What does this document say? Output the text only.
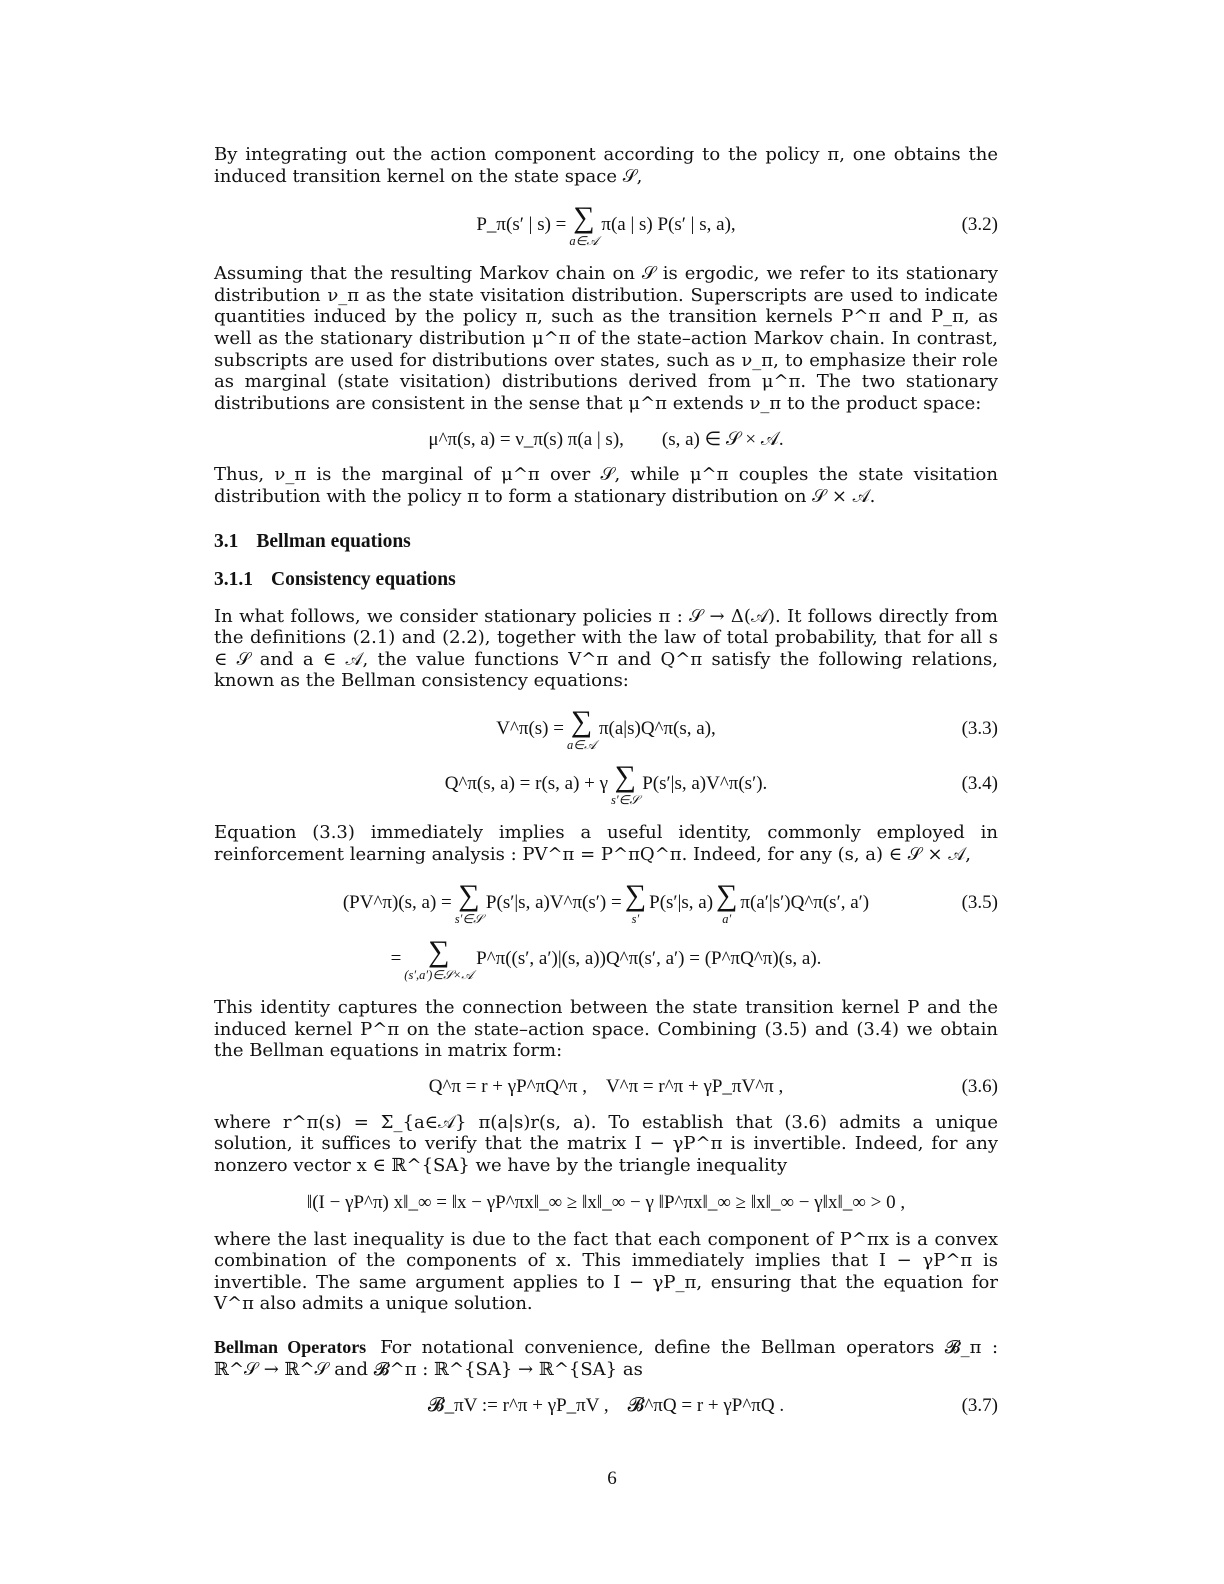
By integrating out the action component according to the policy π, one obtains the induced transition kernel on the state space 𝒮,

P_π(s′ | s) = ∑
a∈𝒜
π(a | s) P(s′ | s, a),	(3.2)

Assuming that the resulting Markov chain on 𝒮 is ergodic, we refer to its stationary distribution ν_π as the state visitation distribution. Superscripts are used to indicate quantities induced by the policy π, such as the transition kernels P^π and P_π, as well as the stationary distribution μ^π of the state–action Markov chain. In contrast, subscripts are used for distributions over states, such as ν_π, to emphasize their role as marginal (state visitation) distributions derived from μ^π. The two stationary distributions are consistent in the sense that μ^π extends ν_π to the product space:

μ^π(s, a) = ν_π(s) π(a | s),        (s, a) ∈ 𝒮 × 𝒜.

Thus, ν_π is the marginal of μ^π over 𝒮, while μ^π couples the state visitation distribution with the policy π to form a stationary distribution on 𝒮 × 𝒜.

3.1 Bellman equations
3.1.1 Consistency equations

In what follows, we consider stationary policies π : 𝒮 → Δ(𝒜). It follows directly from the definitions (2.1) and (2.2), together with the law of total probability, that for all s ∈ 𝒮 and a ∈ 𝒜, the value functions V^π and Q^π satisfy the following relations, known as the Bellman consistency equations:

V^π(s) = ∑
a∈𝒜
π(a|s)Q^π(s, a),	(3.3)
Q^π(s, a) =
r(s, a) + γ ∑
s′∈𝒮
P(s′|s, a)V^π(s′).	(3.4)

Equation (3.3) immediately implies a useful identity, commonly employed in reinforcement learning analysis : PV^π = P^πQ^π. Indeed, for any (s, a) ∈ 𝒮 × 𝒜,

(PV^π)(s, a) = ∑
s′∈𝒮
P(s′|s, a)V^π(s′) = ∑
s′
P(s′|s, a) ∑
a′
π(a′|s′)Q^π(s′, a′)	(3.5)
= ∑
(s′,a′)∈𝒮×𝒜
P^π((s′, a′)|(s, a))Q^π(s′, a′) = (P^πQ^π)(s, a).

This identity captures the connection between the state transition kernel P and the induced kernel P^π on the state–action space. Combining (3.5) and (3.4) we obtain the Bellman equations in matrix form:

Q^π = r + γP^πQ^π ,    V^π = r^π + γP_πV^π ,	(3.6)

where r^π(s) = Σ_{a∈𝒜} π(a|s)r(s, a). To establish that (3.6) admits a unique solution, it suffices to verify that the matrix I − γP^π is invertible. Indeed, for any nonzero vector x ∈ ℝ^{SA} we have by the triangle inequality

‖(I − γP^π) x‖_∞ = ‖x − γP^πx‖_∞ ≥ ‖x‖_∞ − γ ‖P^πx‖_∞ ≥ ‖x‖_∞ − γ‖x‖_∞ > 0 ,

where the last inequality is due to the fact that each component of P^πx is a convex combination of the components of x. This immediately implies that I − γP^π is invertible. The same argument applies to I − γP_π, ensuring that the equation for V^π also admits a unique solution.

Bellman Operators For notational convenience, define the Bellman operators 𝓑_π : ℝ^𝒮 → ℝ^𝒮 and 𝓑^π : ℝ^{SA} → ℝ^{SA} as

𝓑_πV := r^π + γP_πV ,    𝓑^πQ = r + γP^πQ .	(3.7)
6
